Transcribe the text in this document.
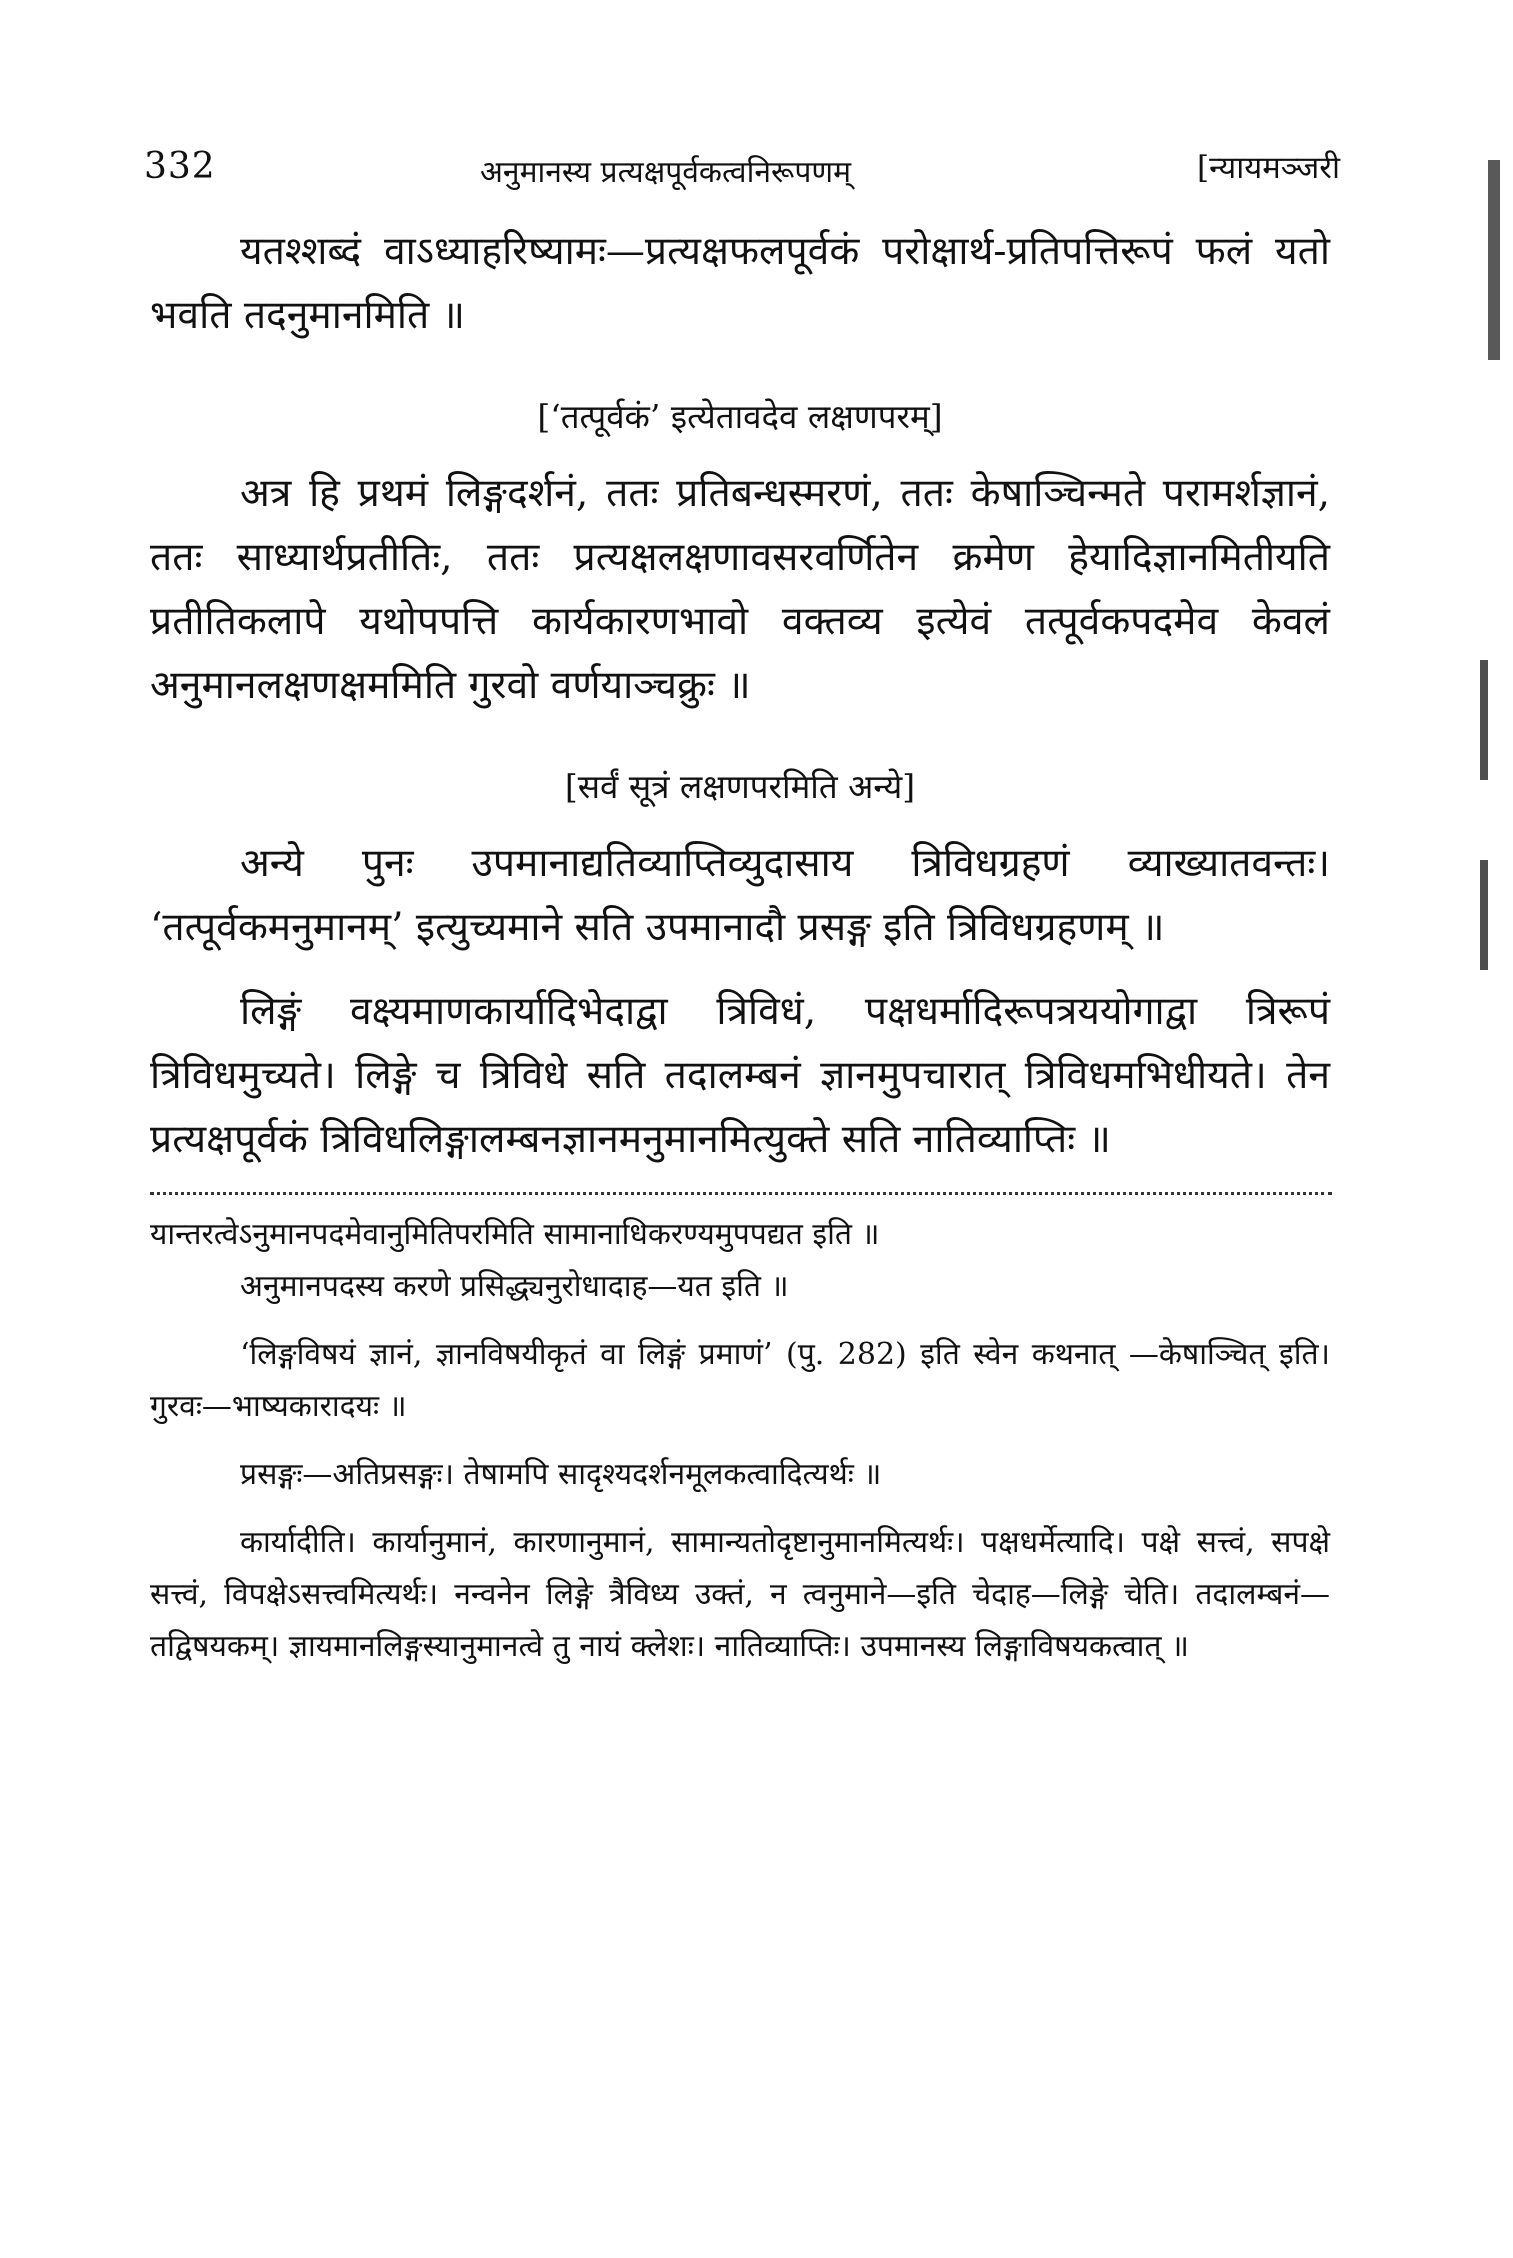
332	अनुमानस्य प्रत्यक्षपूर्वकत्वनिरूपणम्	[न्यायमञ्जरी

यतश्शब्दं वाऽध्याहरिष्यामः—प्रत्यक्षफलपूर्वकं परोक्षार्थ-प्रतिपत्तिरूपं फलं यतो भवति तदनुमानमिति ॥

[‘तत्पूर्वकं’ इत्येतावदेव लक्षणपरम्]

अत्र हि प्रथमं लिङ्गदर्शनं, ततः प्रतिबन्धस्मरणं, ततः केषाञ्चिन्मते परामर्शज्ञानं, ततः साध्यार्थप्रतीतिः, ततः प्रत्यक्षलक्षणावसरवर्णितेन क्रमेण हेयादिज्ञानमितीयति प्रतीतिकलापे यथोपपत्ति कार्यकारणभावो वक्तव्य इत्येवं तत्पूर्वकपदमेव केवलं अनुमानलक्षणक्षममिति गुरवो वर्णयाञ्चक्रुः ॥

[सर्वं सूत्रं लक्षणपरमिति अन्ये]

अन्ये पुनः उपमानाद्यतिव्याप्तिव्युदासाय त्रिविधग्रहणं व्याख्यातवन्तः। ‘तत्पूर्वकमनुमानम्’ इत्युच्यमाने सति उपमानादौ प्रसङ्ग इति त्रिविधग्रहणम् ॥

लिङ्गं वक्ष्यमाणकार्यादिभेदाद्वा त्रिविधं, पक्षधर्मादिरूपत्रययोगाद्वा त्रिरूपं त्रिविधमुच्यते। लिङ्गे च त्रिविधे सति तदालम्बनं ज्ञानमुपचारात् त्रिविधमभिधीयते। तेन प्रत्यक्षपूर्वकं त्रिविधलिङ्गालम्बनज्ञानमनुमानमित्युक्ते सति नातिव्याप्तिः ॥

यान्तरत्वेऽनुमानपदमेवानुमितिपरमिति सामानाधिकरण्यमुपपद्यत इति ॥

अनुमानपदस्य करणे प्रसिद्ध्यनुरोधादाह—यत इति ॥

‘लिङ्गविषयं ज्ञानं, ज्ञानविषयीकृतं वा लिङ्गं प्रमाणं’ (पु. 282) इति स्वेन कथनात् —केषाञ्चित् इति। गुरवः—भाष्यकारादयः ॥

प्रसङ्गः—अतिप्रसङ्गः। तेषामपि सादृश्यदर्शनमूलकत्वादित्यर्थः ॥

कार्यादीति। कार्यानुमानं, कारणानुमानं, सामान्यतोदृष्टानुमानमित्यर्थः। पक्षधर्मेत्यादि। पक्षे सत्त्वं, सपक्षे सत्त्वं, विपक्षेऽसत्त्वमित्यर्थः। नन्वनेन लिङ्गे त्रैविध्य उक्तं, न त्वनुमाने—इति चेदाह—लिङ्गे चेति। तदालम्बनं—तद्विषयकम्। ज्ञायमानलिङ्गस्यानुमानत्वे तु नायं क्लेशः। नातिव्याप्तिः। उपमानस्य लिङ्गाविषयकत्वात् ॥
